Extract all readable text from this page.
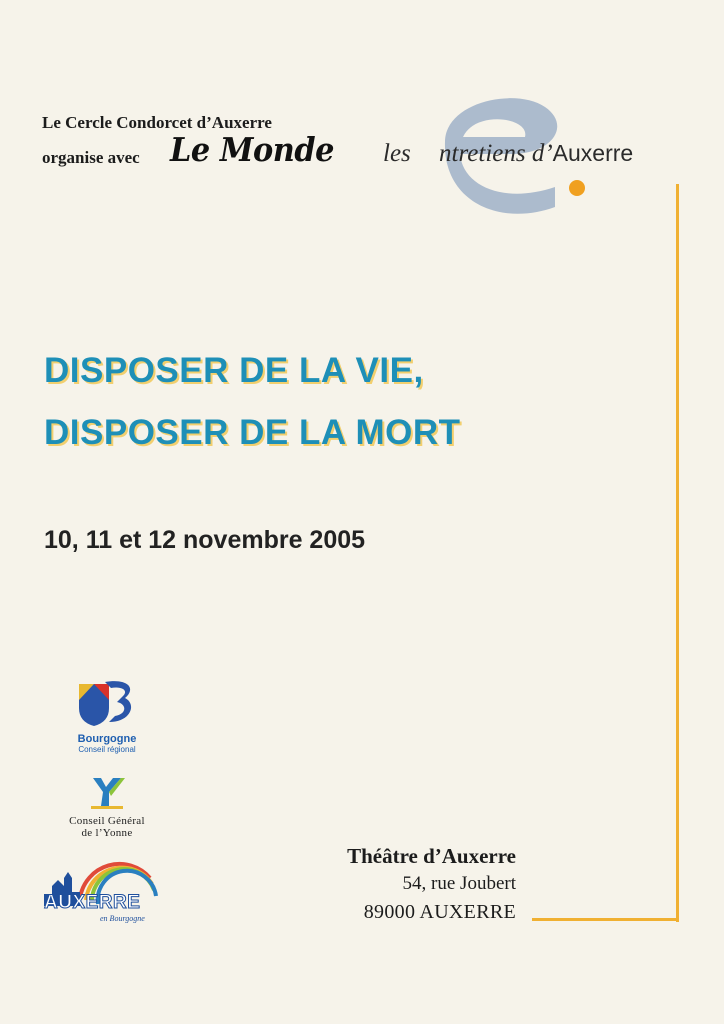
Le Cercle Condorcet d’Auxerre
organise avec Le Monde les ntretiens d’Auxerre
DISPOSER DE LA VIE,
DISPOSER DE LA MORT
10, 11 et 12 novembre 2005
Bourgogne
Conseil régional
Conseil Général
de l’Yonne
AUXERRE
en Bourgogne
Théâtre d’Auxerre
54, rue Joubert
89000 AUXERRE
